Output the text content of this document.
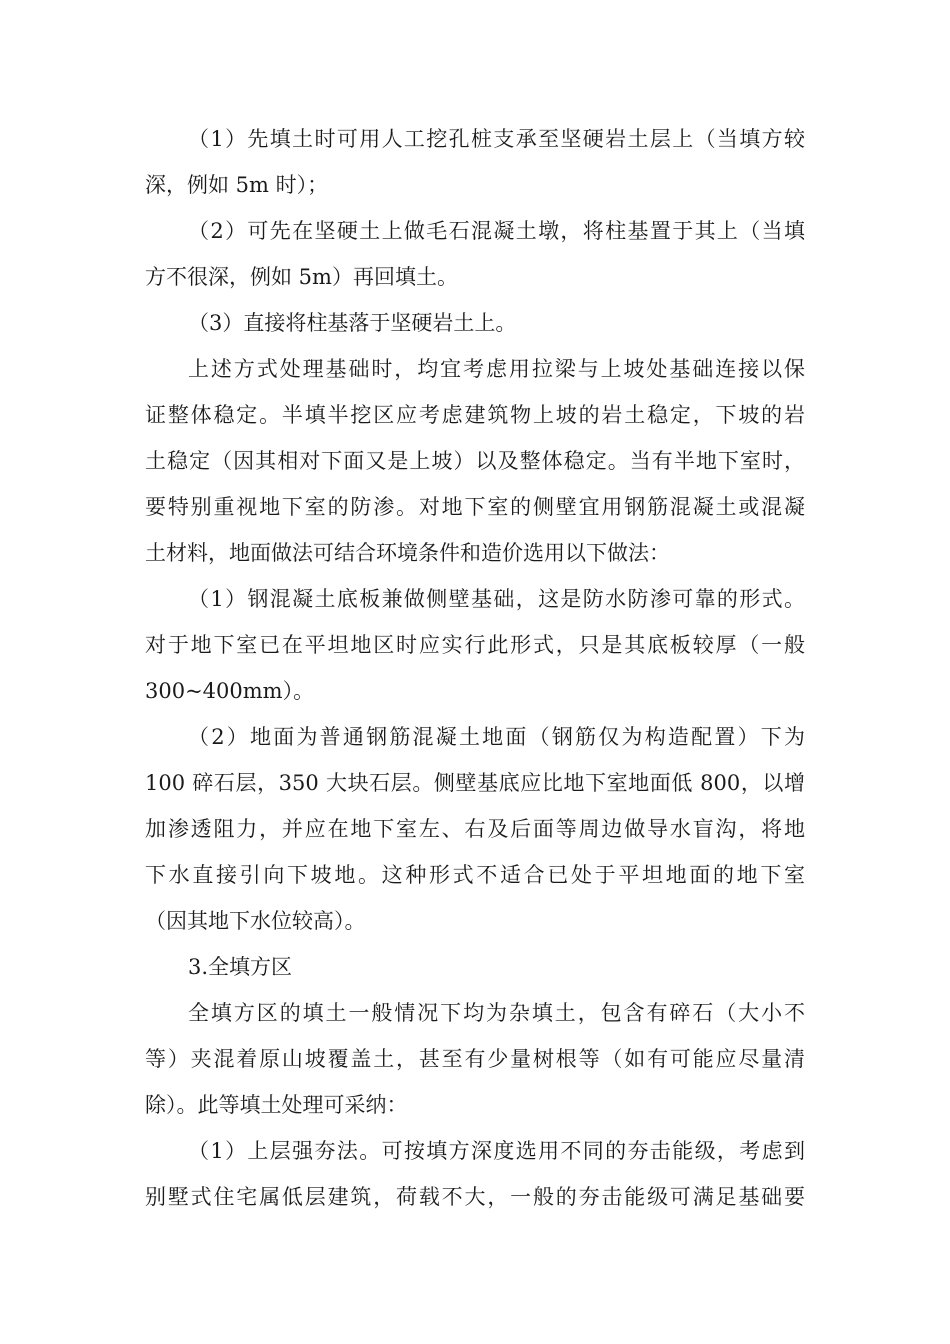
（1）先填土时可用人工挖孔桩支承至坚硬岩土层上（当填方较
深，例如 5m 时）；
（2）可先在坚硬土上做毛石混凝土墩，将柱基置于其上（当填
方不很深，例如 5m）再回填土。
（3）直接将柱基落于坚硬岩土上。
上述方式处理基础时，均宜考虑用拉梁与上坡处基础连接以保
证整体稳定。半填半挖区应考虑建筑物上坡的岩土稳定，下坡的岩
土稳定（因其相对下面又是上坡）以及整体稳定。当有半地下室时，
要特别重视地下室的防渗。对地下室的侧壁宜用钢筋混凝土或混凝
土材料，地面做法可结合环境条件和造价选用以下做法：
（1）钢混凝土底板兼做侧壁基础，这是防水防渗可靠的形式。
对于地下室已在平坦地区时应实行此形式，只是其底板较厚（一般
300~400mm）。
（2）地面为普通钢筋混凝土地面（钢筋仅为构造配置）下为
100 碎石层，350 大块石层。侧壁基底应比地下室地面低 800，以增
加渗透阻力，并应在地下室左、右及后面等周边做导水盲沟，将地
下水直接引向下坡地。这种形式不适合已处于平坦地面的地下室
（因其地下水位较高）。
3.全填方区
全填方区的填土一般情况下均为杂填土，包含有碎石（大小不
等）夹混着原山坡覆盖土，甚至有少量树根等（如有可能应尽量清
除）。此等填土处理可采纳：
（1）上层强夯法。可按填方深度选用不同的夯击能级，考虑到
别墅式住宅属低层建筑，荷载不大，一般的夯击能级可满足基础要
